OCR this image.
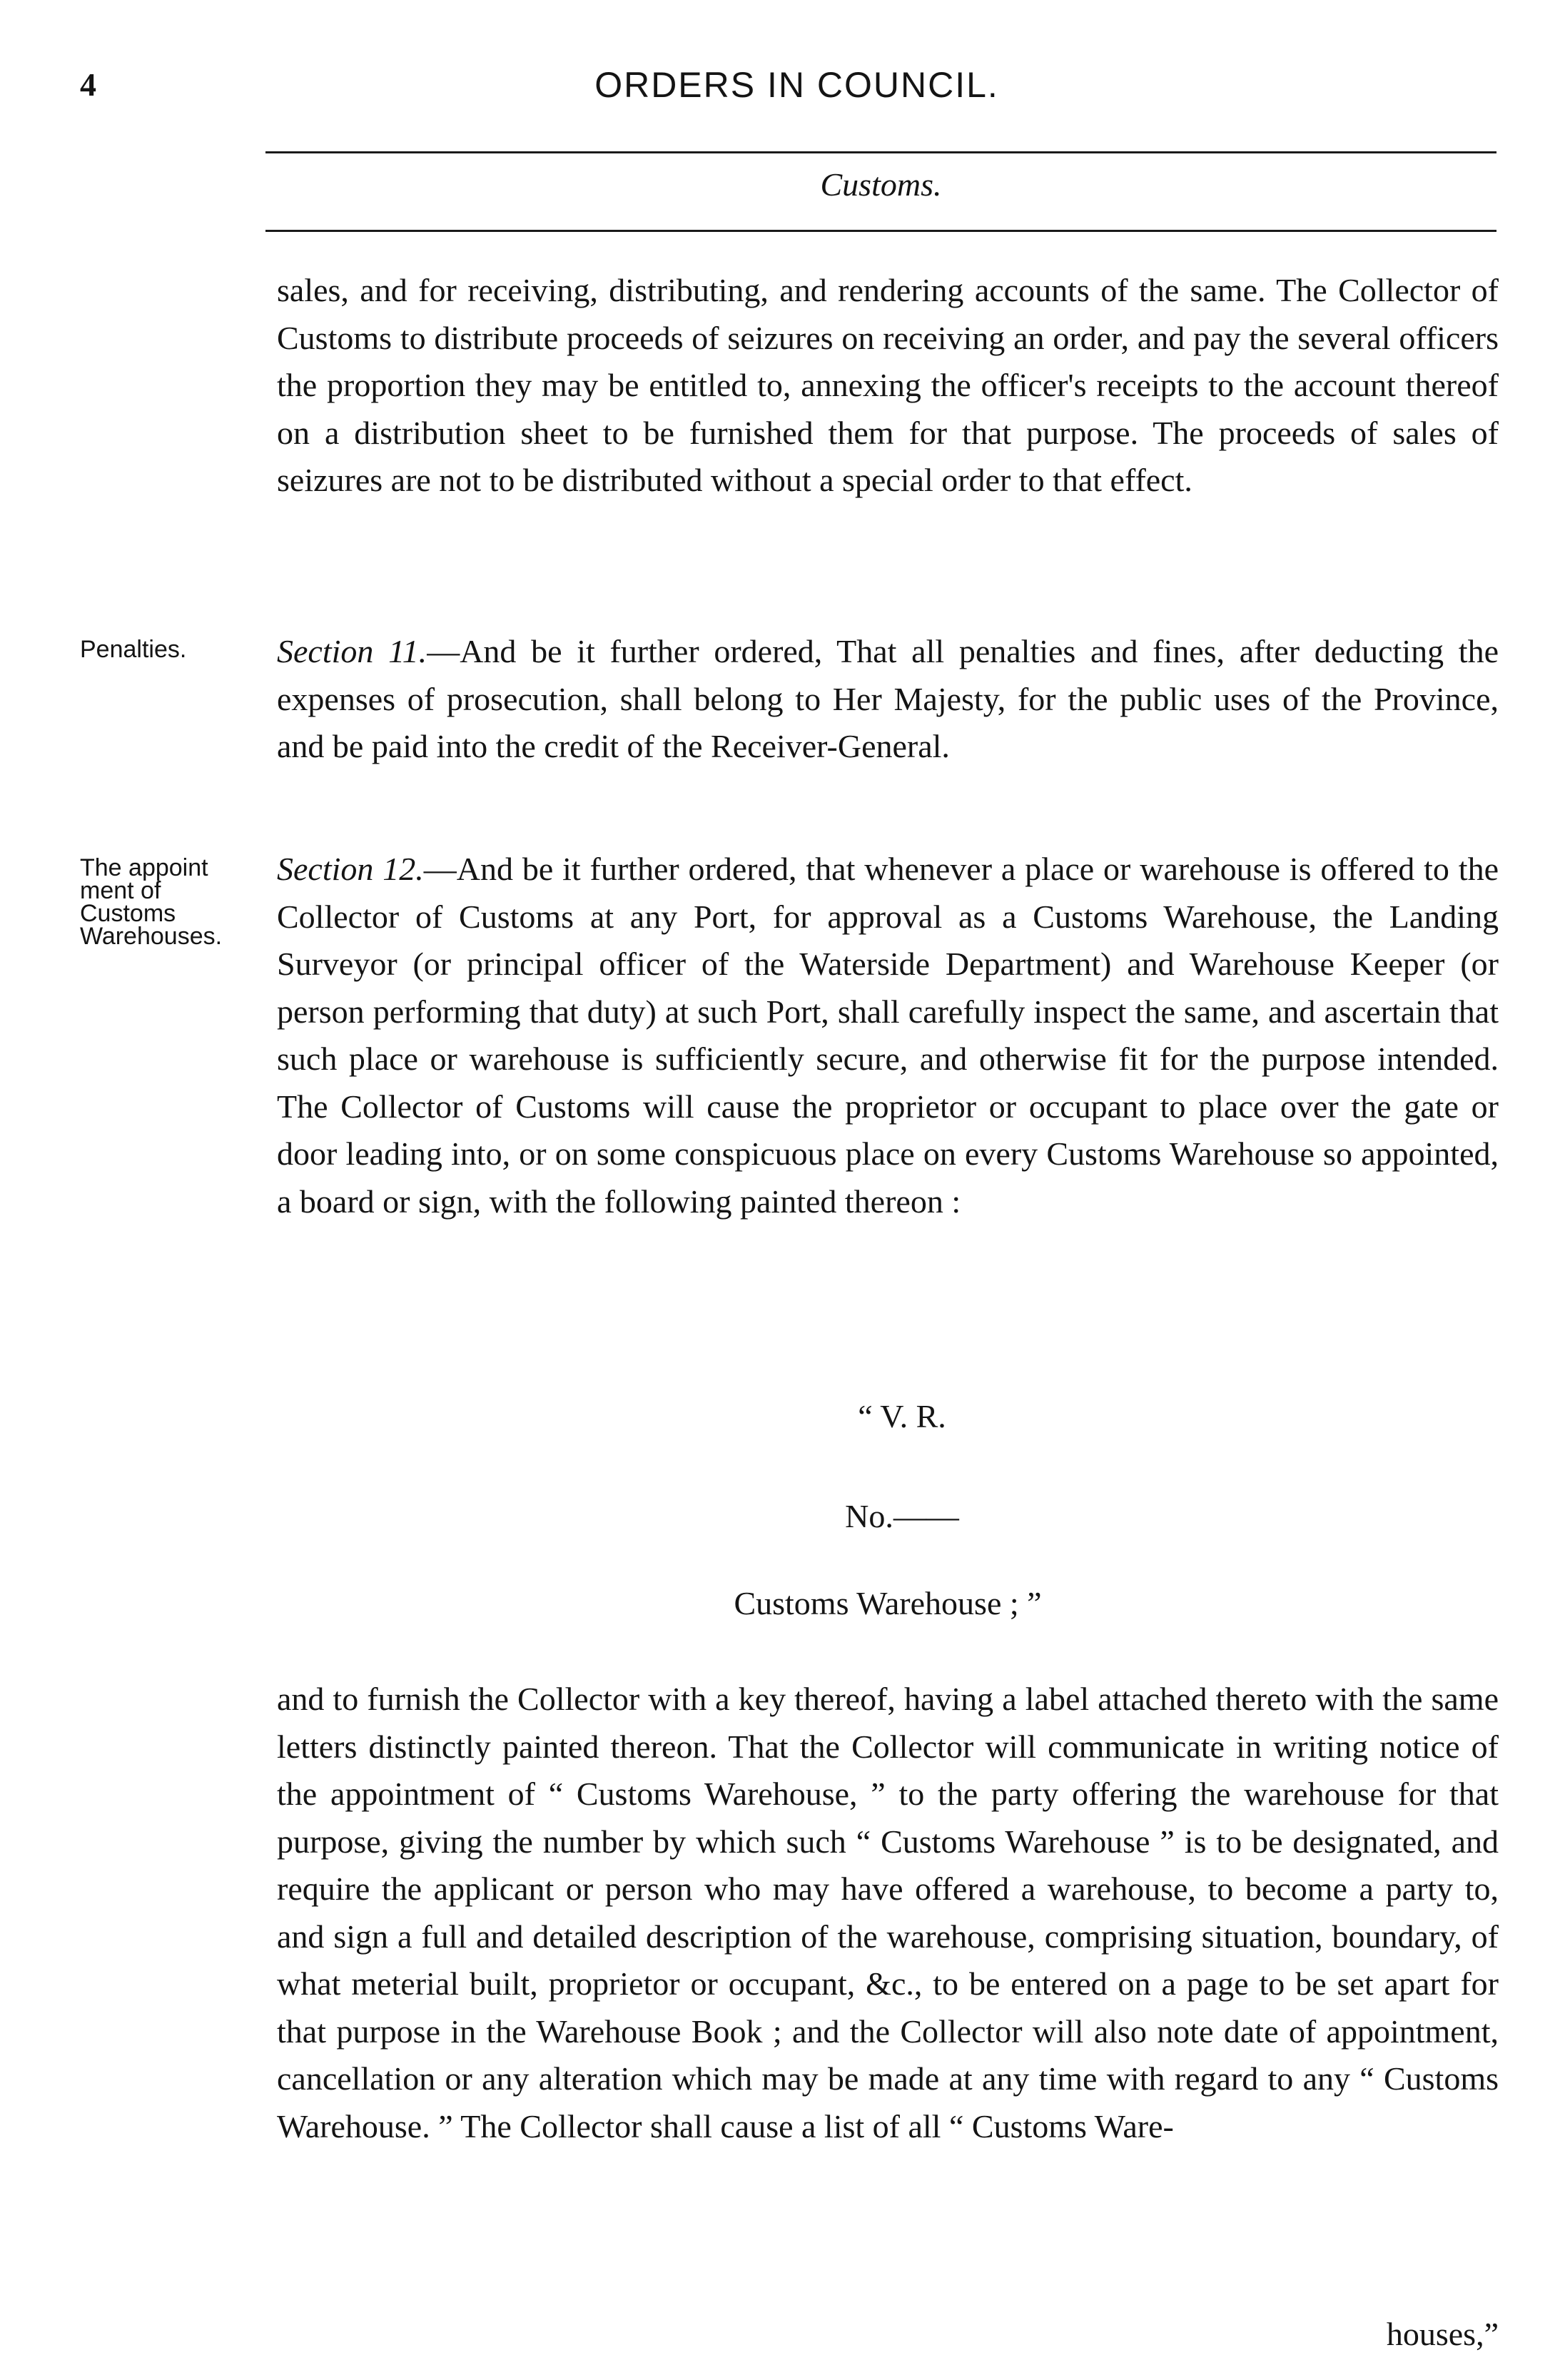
4	ORDERS IN COUNCIL.
Customs.

sales, and for receiving, distributing, and rendering accounts of the same. The Collector of Customs to distribute proceeds of seizures on receiving an order, and pay the several officers the proportion they may be entitled to, annexing the officer's receipts to the account thereof on a distribution sheet to be furnished them for that purpose. The proceeds of sales of seizures are not to be distributed without a special order to that effect.

Penalties.	Section 11.—And be it further ordered, That all penalties and fines, after deducting the expenses of prosecution, shall belong to Her Majesty, for the public uses of the Province, and be paid into the credit of the Receiver-General.

The appoint ment of Customs Warehouses.

Section 12.—And be it further ordered, that whenever a place or warehouse is offered to the Collector of Customs at any Port, for approval as a Customs Warehouse, the Landing Surveyor (or principal officer of the Waterside Department) and Warehouse Keeper (or person performing that duty) at such Port, shall carefully inspect the same, and ascertain that such place or warehouse is sufficiently secure, and otherwise fit for the purpose intended. The Collector of Customs will cause the proprietor or occupant to place over the gate or door leading into, or on some conspicuous place on every Customs Warehouse so appointed, a board or sign, with the following painted thereon :

“ V. R.

No.——

Customs Warehouse ; ”

and to furnish the Collector with a key thereof, having a label attached thereto with the same letters distinctly painted thereon. That the Collector will communicate in writing notice of the appointment of “ Customs Warehouse, ” to the party offering the warehouse for that purpose, giving the number by which such “ Customs Warehouse ” is to be designated, and require the applicant or person who may have offered a warehouse, to become a party to, and sign a full and detailed description of the warehouse, comprising situation, boundary, of what meterial built, proprietor or occupant, &c., to be entered on a page to be set apart for that purpose in the Warehouse Book ; and the Collector will also note date of appointment, cancellation or any alteration which may be made at any time with regard to any “ Customs Warehouse. ” The Collector shall cause a list of all “ Customs Ware-

houses,”
